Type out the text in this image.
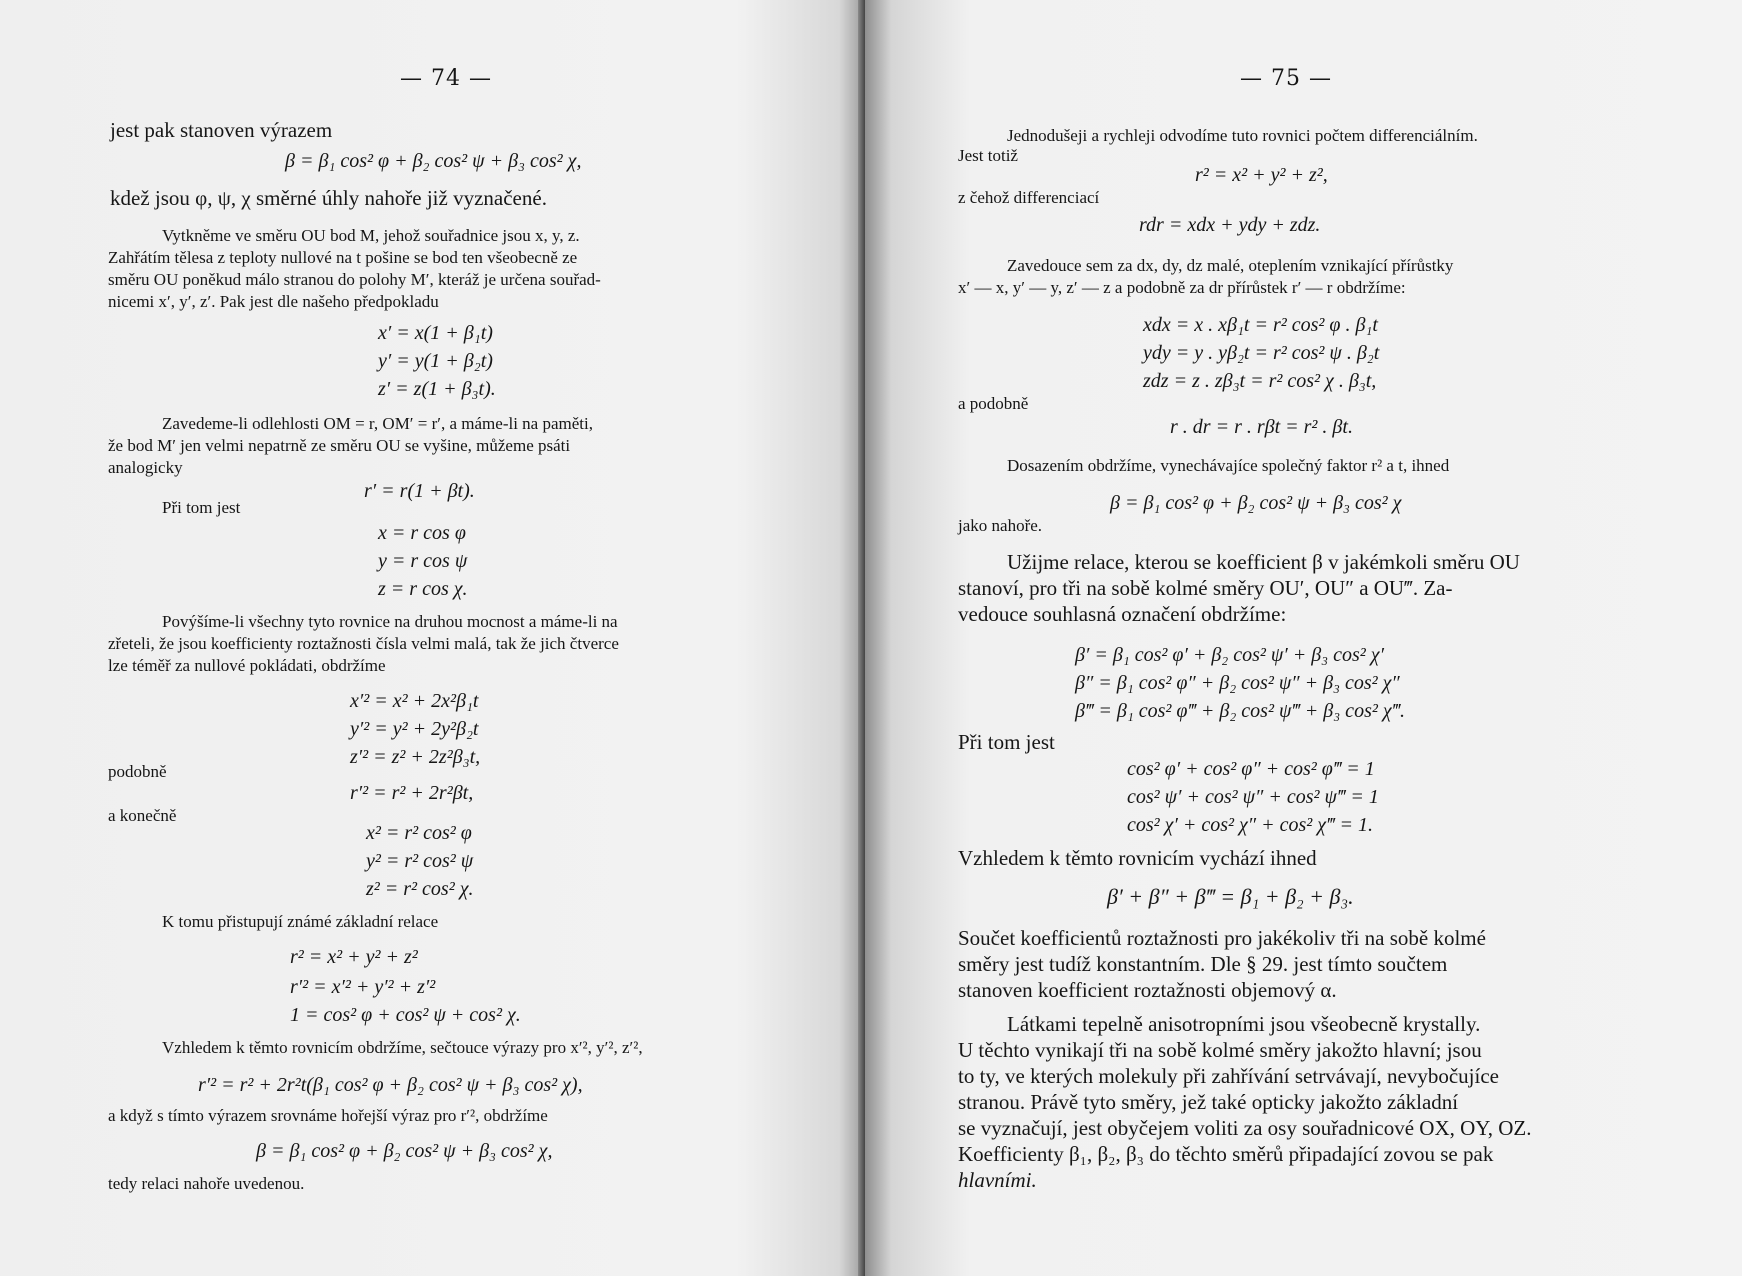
— 74 —
jest pak stanoven výrazem
β = β₁ cos² φ + β₂ cos² ψ + β₃ cos² χ,
kdež jsou φ, ψ, χ směrné úhly nahoře již vyznačené.
Vytkněme ve směru OU bod M, jehož souřadnice jsou x, y, z.
Zahřátím tělesa z teploty nullové na t pošine se bod ten všeobecně ze
směru OU poněkud málo stranou do polohy M′, kteráž je určena souřad-
nicemi x′, y′, z′. Pak jest dle našeho předpokladu
x′ = x(1 + β₁t)
y′ = y(1 + β₂t)
z′ = z(1 + β₃t).
Zavedeme-li odlehlosti OM = r, OM′ = r′, a máme-li na paměti,
že bod M′ jen velmi nepatrně ze směru OU se vyšine, můžeme psáti
analogicky
r′ = r(1 + βt).
Při tom jest
x = r cos φ
y = r cos ψ
z = r cos χ.
Povýšíme-li všechny tyto rovnice na druhou mocnost a máme-li na
zřeteli, že jsou koefficienty roztažnosti čísla velmi malá, tak že jich čtverce
lze téměř za nullové pokládati, obdržíme
x′² = x² + 2x²β₁t
y′² = y² + 2y²β₂t
z′² = z² + 2z²β₃t,
podobně
r′² = r² + 2r²βt,
a konečně
x² = r² cos² φ
y² = r² cos² ψ
z² = r² cos² χ.
K tomu přistupují známé základní relace
r² = x² + y² + z²
r′² = x′² + y′² + z′²
1 = cos² φ + cos² ψ + cos² χ.
Vzhledem k těmto rovnicím obdržíme, sečtouce výrazy pro x′², y′², z′²,
r′² = r² + 2r²t(β₁ cos² φ + β₂ cos² ψ + β₃ cos² χ),
a když s tímto výrazem srovnáme hořejší výraz pro r′², obdržíme
β = β₁ cos² φ + β₂ cos² ψ + β₃ cos² χ,
tedy relaci nahoře uvedenou.
— 75 —
Jednodušeji a rychleji odvodíme tuto rovnici počtem differenciálním.
Jest totiž
r² = x² + y² + z²,
z čehož differenciací
rdr = xdx + ydy + zdz.
Zavedouce sem za dx, dy, dz malé, oteplením vznikající přírůstky
x′ — x, y′ — y, z′ — z a podobně za dr přírůstek r′ — r obdržíme:
xdx = x . xβ₁t = r² cos² φ . β₁t
ydy = y . yβ₂t = r² cos² ψ . β₂t
zdz = z . zβ₃t = r² cos² χ . β₃t,
a podobně
r . dr = r . rβt = r² . βt.
Dosazením obdržíme, vynechávajíce společný faktor r² a t, ihned
β = β₁ cos² φ + β₂ cos² ψ + β₃ cos² χ
jako nahoře.
Užijme relace, kterou se koefficient β v jakémkoli směru OU
stanoví, pro tři na sobě kolmé směry OU′, OU″ a OU‴. Za-
vedouce souhlasná označení obdržíme:
β′ = β₁ cos² φ′ + β₂ cos² ψ′ + β₃ cos² χ′
β″ = β₁ cos² φ″ + β₂ cos² ψ″ + β₃ cos² χ″
β‴ = β₁ cos² φ‴ + β₂ cos² ψ‴ + β₃ cos² χ‴.
Při tom jest
cos² φ′ + cos² φ″ + cos² φ‴ = 1
cos² ψ′ + cos² ψ″ + cos² ψ‴ = 1
cos² χ′ + cos² χ″ + cos² χ‴ = 1.
Vzhledem k těmto rovnicím vychází ihned
β′ + β″ + β‴ = β₁ + β₂ + β₃.
Součet koefficientů roztažnosti pro jakékoliv tři na sobě kolmé
směry jest tudíž konstantním. Dle § 29. jest tímto součtem
stanoven koefficient roztažnosti objemový α.
Látkami tepelně anisotropními jsou všeobecně krystally.
U těchto vynikají tři na sobě kolmé směry jakožto hlavní; jsou
to ty, ve kterých molekuly při zahřívání setrvávají, nevybočujíce
stranou. Právě tyto směry, jež také opticky jakožto základní
se vyznačují, jest obyčejem voliti za osy souřadnicové OX, OY, OZ.
Koefficienty β₁, β₂, β₃ do těchto směrů připadající zovou se pak
hlavními.
